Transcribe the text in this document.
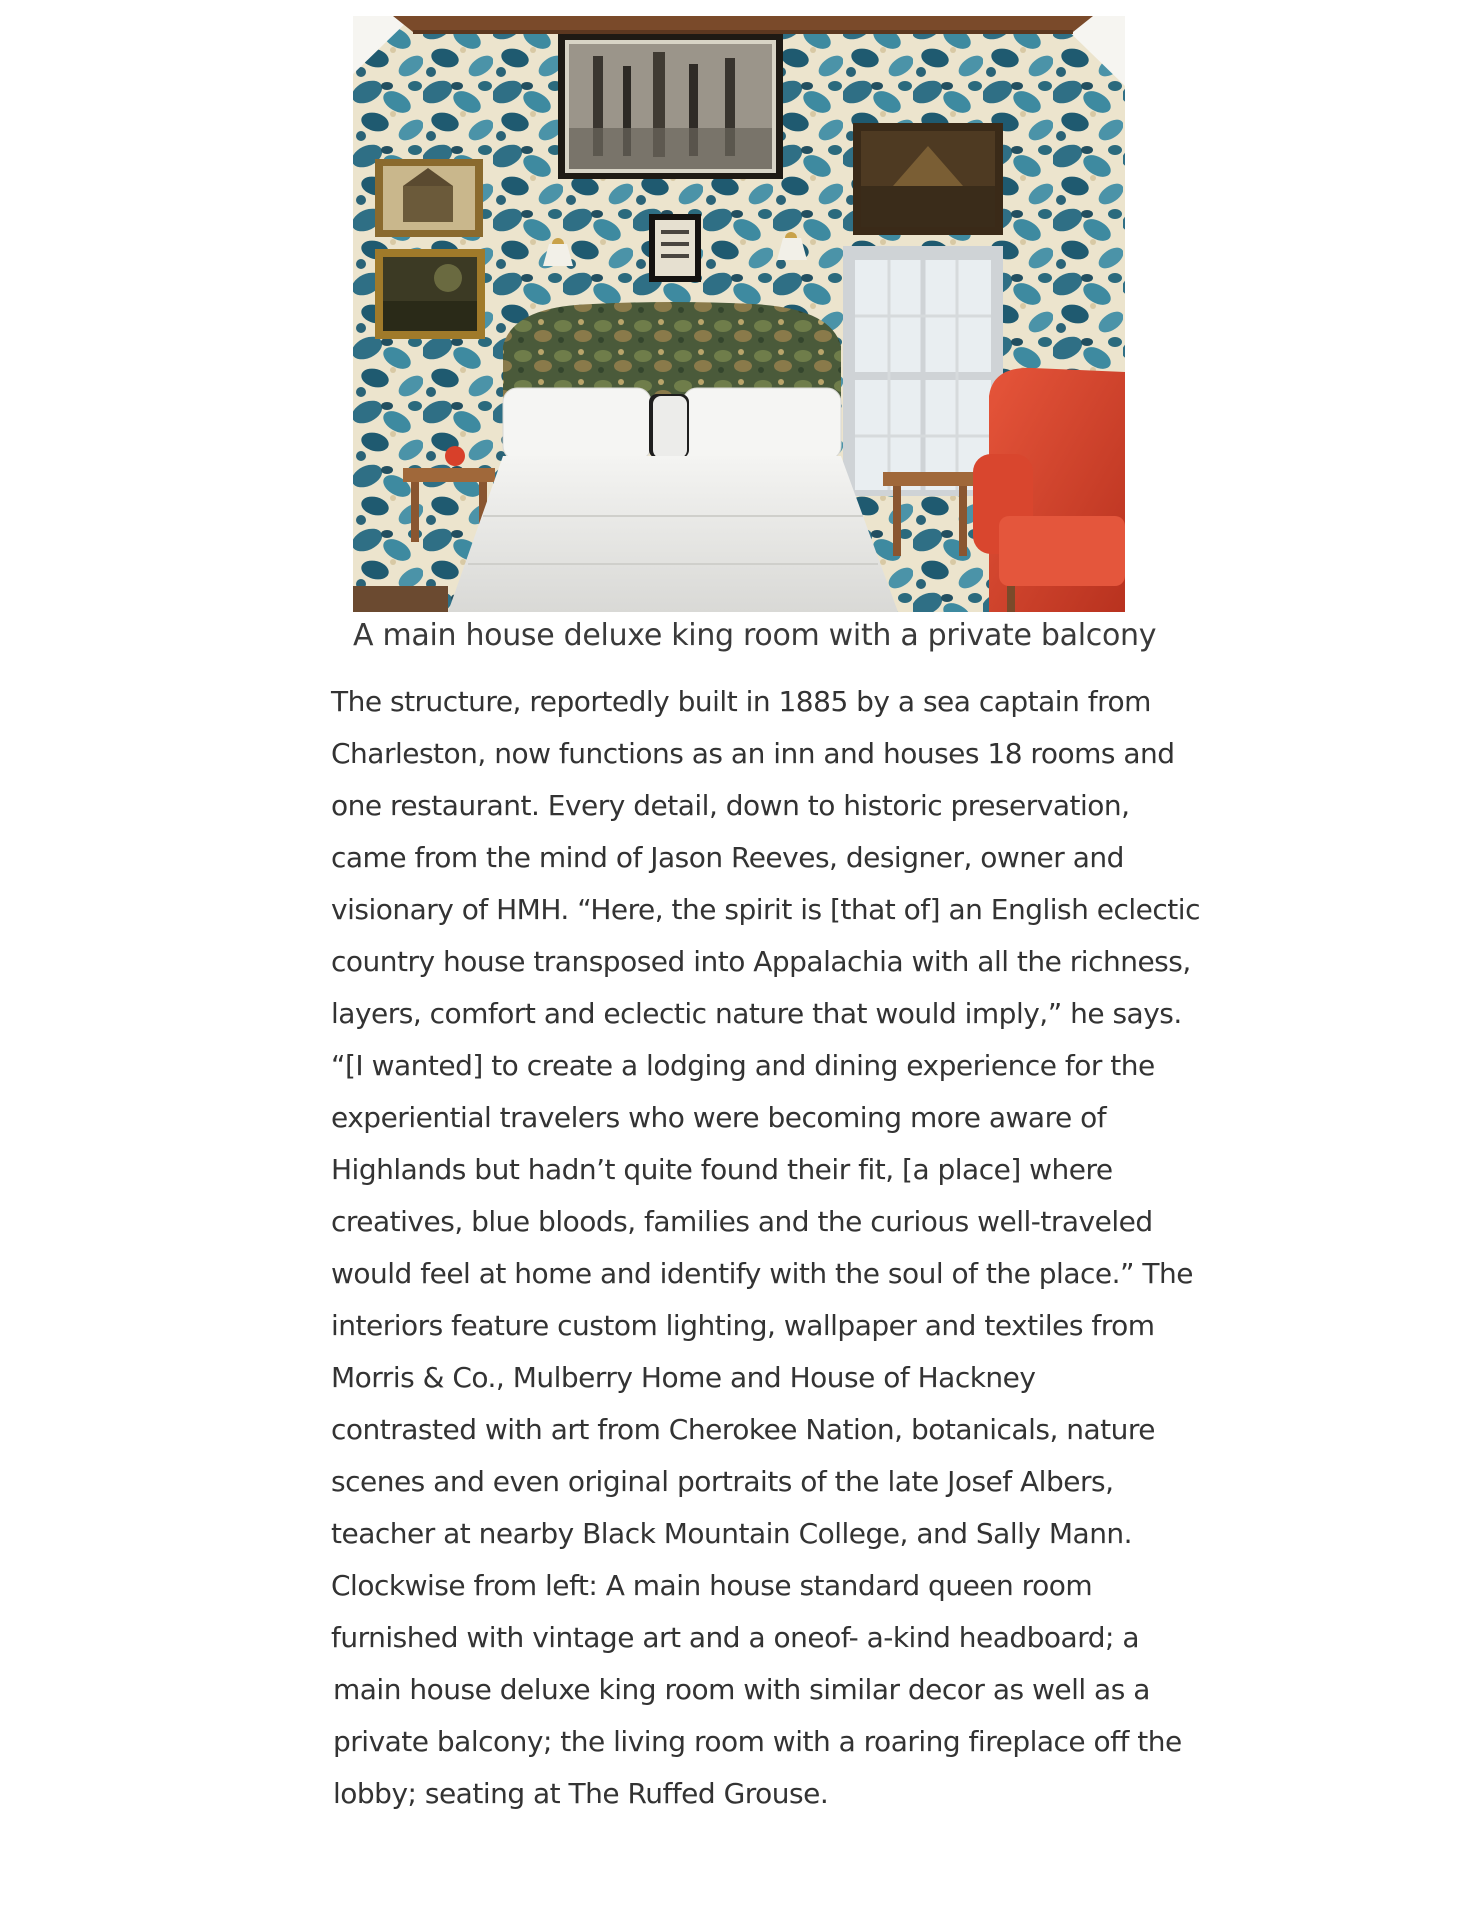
A main house deluxe king room with a private balcony
The structure, reportedly built in 1885 by a sea captain from
Charleston, now functions as an inn and houses 18 rooms and
one restaurant. Every detail, down to historic preservation,
came from the mind of Jason Reeves, designer, owner and
visionary of HMH. “Here, the spirit is [that of] an English eclectic
country house transposed into Appalachia with all the richness,
layers, comfort and eclectic nature that would imply,” he says.
“[I wanted] to create a lodging and dining experience for the
experiential travelers who were becoming more aware of
Highlands but hadn’t quite found their fit, [a place] where
creatives, blue bloods, families and the curious well-traveled
would feel at home and identify with the soul of the place.” The
interiors feature custom lighting, wallpaper and textiles from
Morris & Co., Mulberry Home and House of Hackney
contrasted with art from Cherokee Nation, botanicals, nature
scenes and even original portraits of the late Josef Albers,
teacher at nearby Black Mountain College, and Sally Mann.
Clockwise from left: A main house standard queen room
furnished with vintage art and a oneof- a-kind headboard; a
main house deluxe king room with similar decor as well as a
private balcony; the living room with a roaring fireplace off the
lobby; seating at The Ruffed Grouse.
